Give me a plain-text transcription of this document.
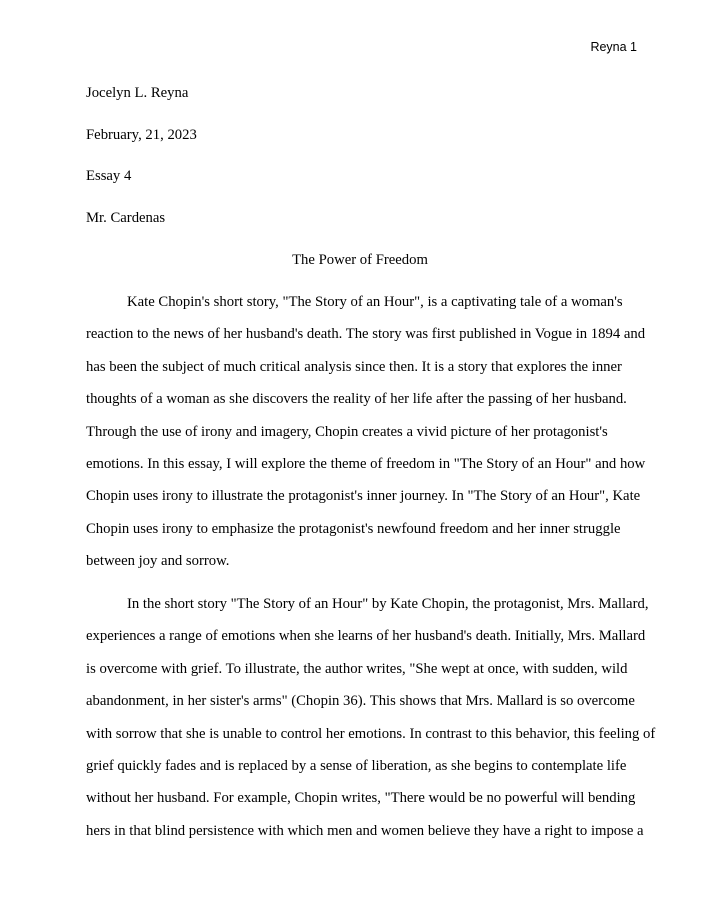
Reyna 1
Jocelyn L. Reyna
February, 21, 2023
Essay 4
Mr. Cardenas
The Power of Freedom
Kate Chopin's short story, "The Story of an Hour", is a captivating tale of a woman's
reaction to the news of her husband's death. The story was first published in Vogue in 1894 and
has been the subject of much critical analysis since then. It is a story that explores the inner
thoughts of a woman as she discovers the reality of her life after the passing of her husband.
Through the use of irony and imagery, Chopin creates a vivid picture of her protagonist's
emotions. In this essay, I will explore the theme of freedom in "The Story of an Hour" and how
Chopin uses irony to illustrate the protagonist's inner journey. In "The Story of an Hour", Kate
Chopin uses irony to emphasize the protagonist's newfound freedom and her inner struggle
between joy and sorrow.
In the short story "The Story of an Hour" by Kate Chopin, the protagonist, Mrs. Mallard,
experiences a range of emotions when she learns of her husband's death. Initially, Mrs. Mallard
is overcome with grief. To illustrate, the author writes, "She wept at once, with sudden, wild
abandonment, in her sister's arms" (Chopin 36). This shows that Mrs. Mallard is so overcome
with sorrow that she is unable to control her emotions. In contrast to this behavior, this feeling of
grief quickly fades and is replaced by a sense of liberation, as she begins to contemplate life
without her husband. For example, Chopin writes, "There would be no powerful will bending
hers in that blind persistence with which men and women believe they have a right to impose a
